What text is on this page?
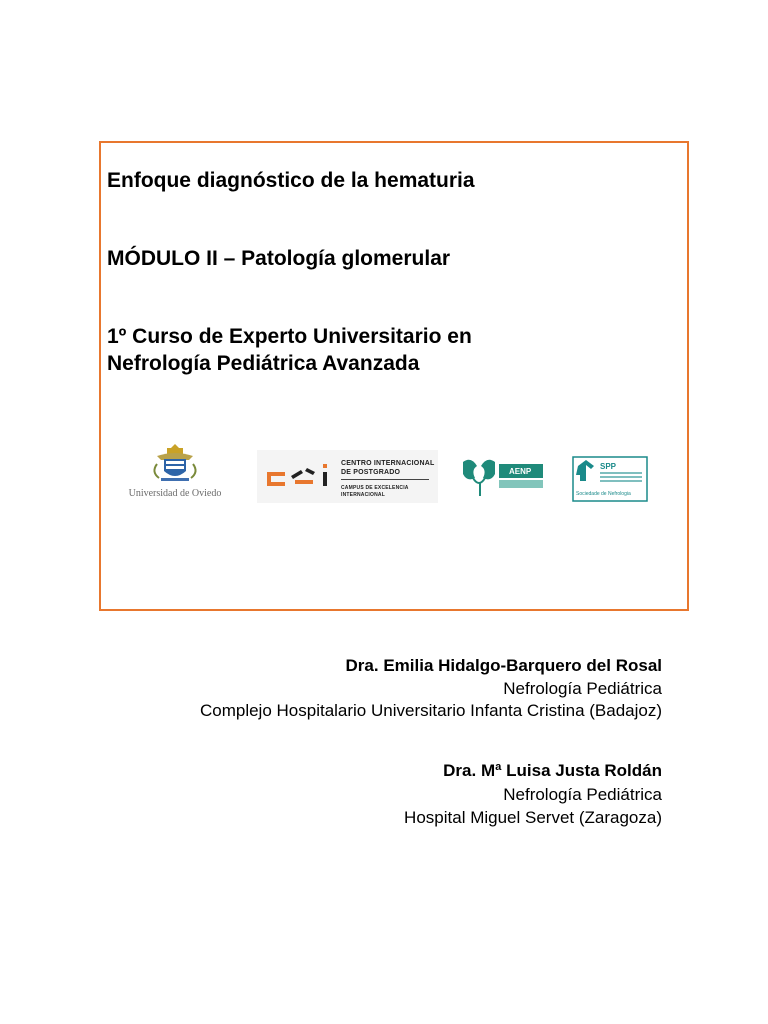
Enfoque diagnóstico de la hematuria
MÓDULO II – Patología glomerular
1º Curso de Experto Universitario en
Nefrología Pediátrica Avanzada
Universidad de Oviedo
CENTRO INTERNACIONAL
DE POSTGRADO
CAMPUS DE EXCELENCIA
INTERNACIONAL
AENP
SPP
Sociedade de Nefrologia
Dra. Emilia Hidalgo-Barquero del Rosal
Nefrología Pediátrica
Complejo Hospitalario Universitario Infanta Cristina (Badajoz)
Dra. Mª Luisa Justa Roldán
Nefrología Pediátrica
Hospital Miguel Servet (Zaragoza)
